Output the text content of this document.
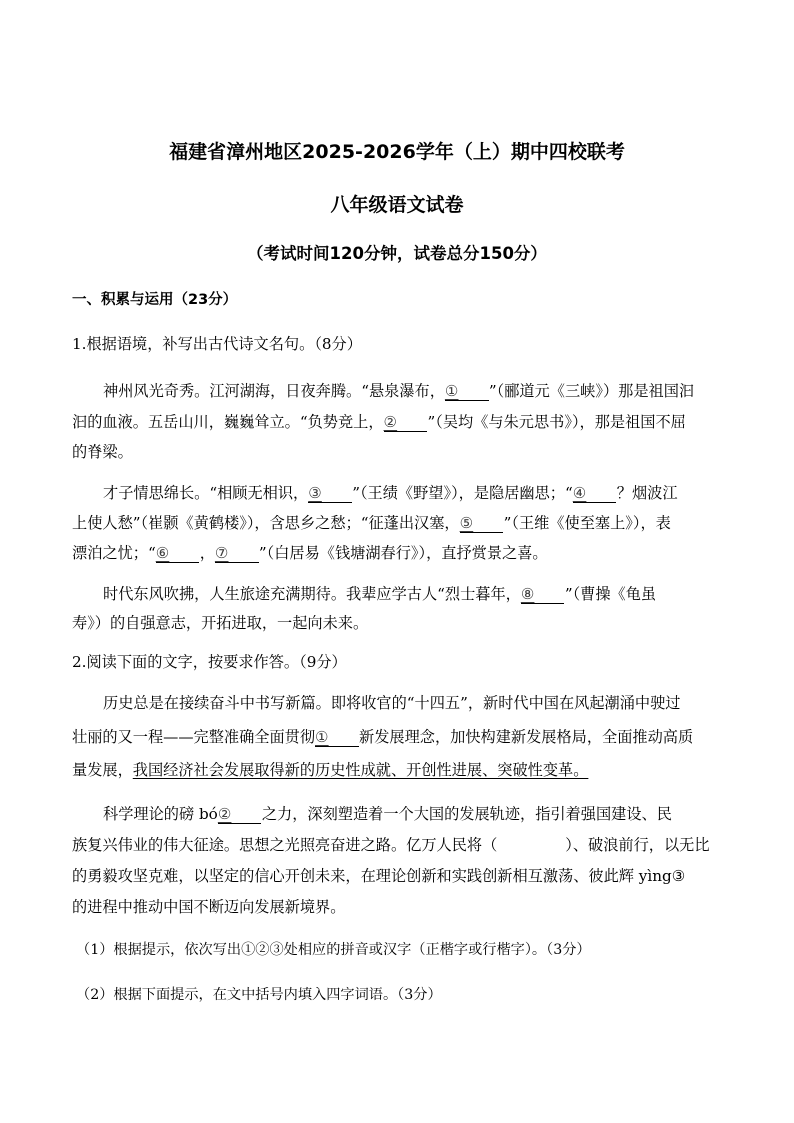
福建省漳州地区2025-2026学年（上）期中四校联考
八年级语文试卷
（考试时间120分钟，试卷总分150分）
一、积累与运用（23分）
1.根据语境，补写出古代诗文名句。（8分）
神州风光奇秀。江河湖海，日夜奔腾。“悬泉瀑布，① ”（郦道元《三峡》）那是祖国汩
汩的血液。五岳山川，巍巍耸立。“负势竞上，② ”（吴均《与朱元思书》），那是祖国不屈
的脊梁。
才子情思绵长。“相顾无相识，③ ”（王绩《野望》），是隐居幽思；“④ ？烟波江
上使人愁”（崔颢《黄鹤楼》），含思乡之愁；“征蓬出汉塞，⑤ ”（王维《使至塞上》），表
漂泊之忧；“⑥ ，⑦ ”（白居易《钱塘湖春行》），直抒赏景之喜。
时代东风吹拂，人生旅途充满期待。我辈应学古人“烈士暮年，⑧ ”（曹操《龟虽
寿》）的自强意志，开拓进取，一起向未来。
2.阅读下面的文字，按要求作答。（9分）
历史总是在接续奋斗中书写新篇。即将收官的“十四五”，新时代中国在风起潮涌中驶过
壮丽的又一程——完整准确全面贯彻① 新发展理念，加快构建新发展格局，全面推动高质
量发展，我国经济社会发展取得新的历史性成就、开创性进展、突破性变革。
科学理论的磅 bó② 之力，深刻塑造着一个大国的发展轨迹，指引着强国建设、民
族复兴伟业的伟大征途。思想之光照亮奋进之路。亿万人民将（	）、破浪前行，以无比
的勇毅攻坚克难，以坚定的信心开创未来，在理论创新和实践创新相互激荡、彼此辉 yìng③
的进程中推动中国不断迈向发展新境界。
（1）根据提示，依次写出①②③处相应的拼音或汉字（正楷字或行楷字）。（3分）
（2）根据下面提示，在文中括号内填入四字词语。（3分）
